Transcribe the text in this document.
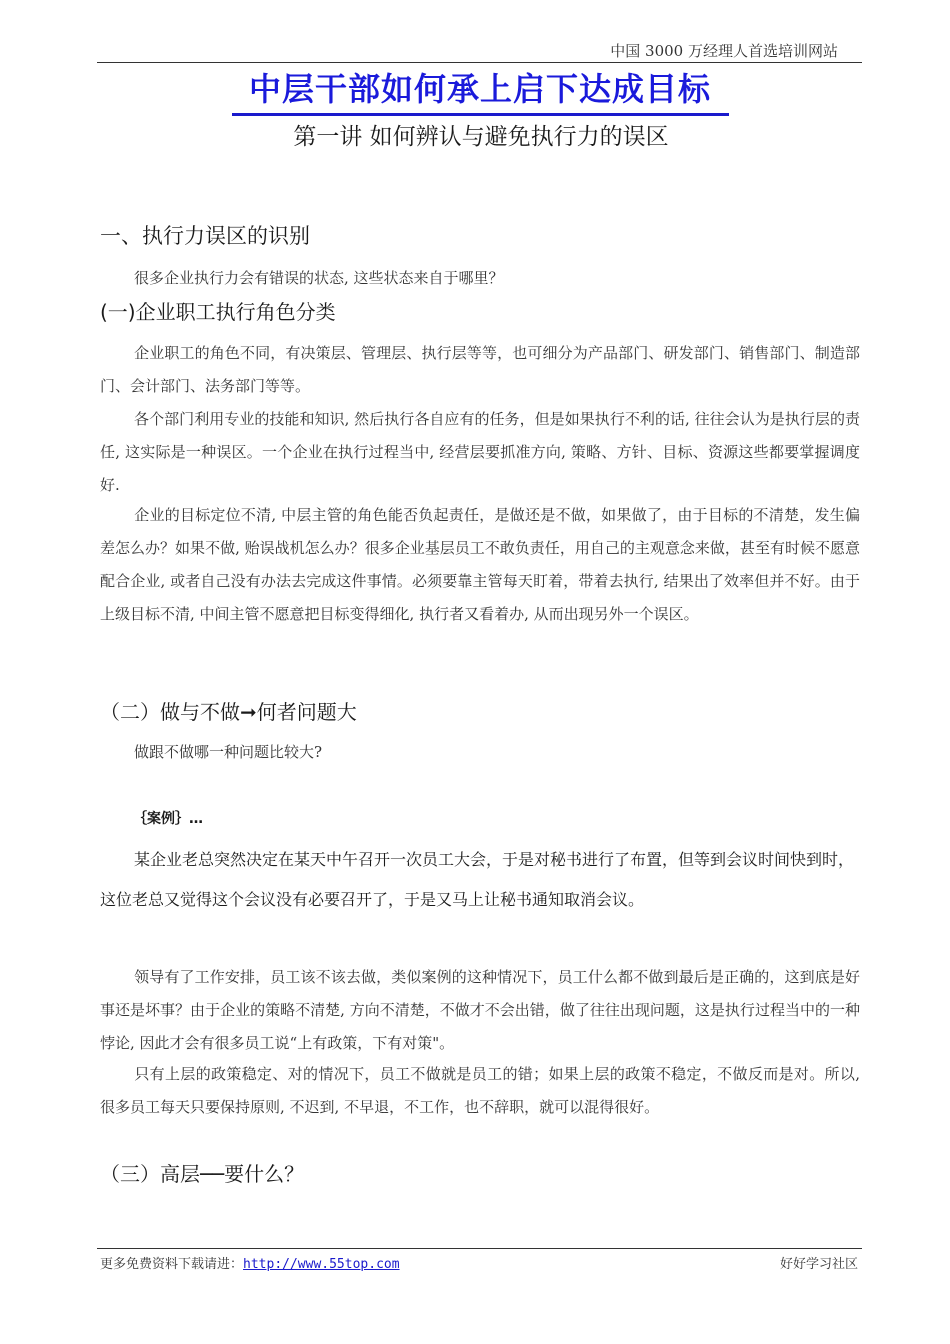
中国 3000 万经理人首选培训网站
中层干部如何承上启下达成目标
第一讲 如何辨认与避免执行力的误区
一、执行力误区的识别
很多企业执行力会有错误的状态, 这些状态来自于哪里？
(一)企业职工执行角色分类
企业职工的角色不同，有决策层、管理层、执行层等等，也可细分为产品部门、研发部门、销售部门、制造部门、会计部门、法务部门等等。
各个部门利用专业的技能和知识, 然后执行各自应有的任务，但是如果执行不利的话, 往往会认为是执行层的责任, 这实际是一种误区。一个企业在执行过程当中, 经营层要抓准方向, 策略、方针、目标、资源这些都要掌握调度好.
企业的目标定位不清, 中层主管的角色能否负起责任，是做还是不做，如果做了，由于目标的不清楚，发生偏差怎么办？如果不做, 贻误战机怎么办？很多企业基层员工不敢负责任，用自己的主观意念来做，甚至有时候不愿意配合企业, 或者自己没有办法去完成这件事情。必须要靠主管每天盯着，带着去执行, 结果出了效率但并不好。由于上级目标不清, 中间主管不愿意把目标变得细化, 执行者又看着办, 从而出现另外一个误区。
（二）做与不做➞何者问题大
做跟不做哪一种问题比较大?
｛案例｝…
某企业老总突然决定在某天中午召开一次员工大会，于是对秘书进行了布置，但等到会议时间快到时，这位老总又觉得这个会议没有必要召开了，于是又马上让秘书通知取消会议。
领导有了工作安排，员工该不该去做，类似案例的这种情况下，员工什么都不做到最后是正确的，这到底是好事还是坏事？由于企业的策略不清楚, 方向不清楚，不做才不会出错，做了往往出现问题，这是执行过程当中的一种悖论, 因此才会有很多员工说“上有政策，下有对策"。
只有上层的政策稳定、对的情况下，员工不做就是员工的错；如果上层的政策不稳定，不做反而是对。所以, 很多员工每天只要保持原则, 不迟到, 不早退，不工作，也不辞职，就可以混得很好。
（三）高层──要什么？
更多免费资料下载请进：http://www.55top.com	好好学习社区
